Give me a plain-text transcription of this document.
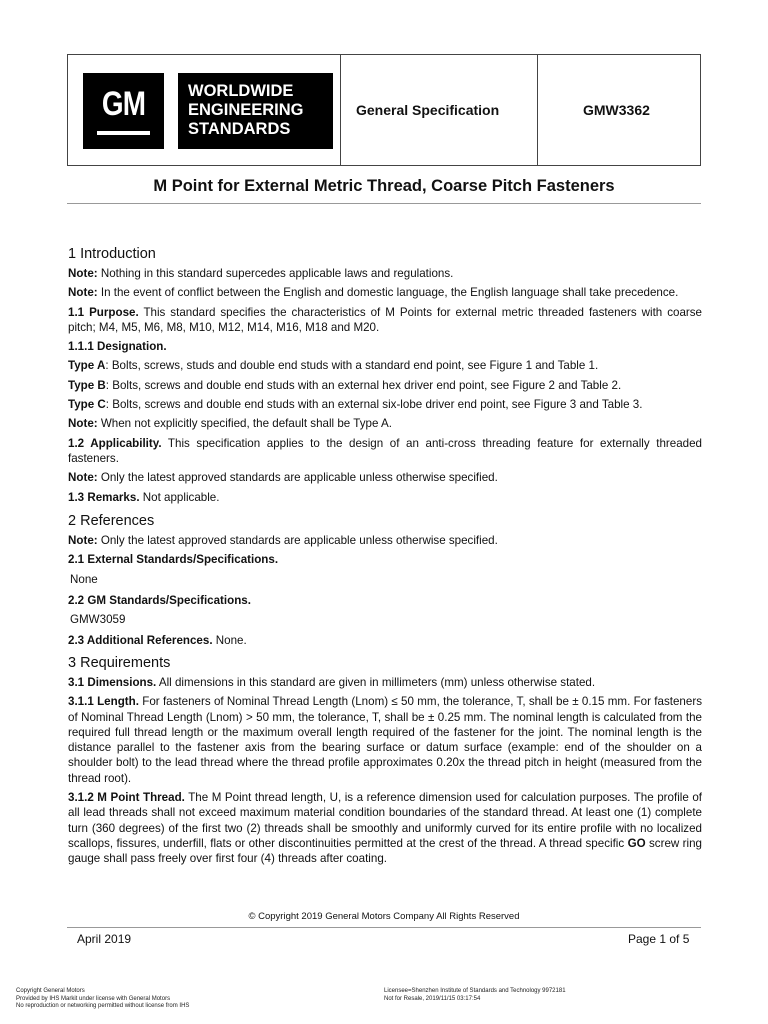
GM	WORLDWIDE
ENGINEERING
STANDARDS
General Specification	GMW3362
M Point for External Metric Thread, Coarse Pitch Fasteners
1 Introduction

Note: Nothing in this standard supercedes applicable laws and regulations.

Note: In the event of conflict between the English and domestic language, the English language shall take precedence.

1.1 Purpose. This standard specifies the characteristics of M Points for external metric threaded fasteners with coarse pitch; M4, M5, M6, M8, M10, M12, M14, M16, M18 and M20.

1.1.1 Designation.

Type A: Bolts, screws, studs and double end studs with a standard end point, see Figure 1 and Table 1.

Type B: Bolts, screws and double end studs with an external hex driver end point, see Figure 2 and Table 2.

Type C: Bolts, screws and double end studs with an external six-lobe driver end point, see Figure 3 and Table 3.

Note: When not explicitly specified, the default shall be Type A.

1.2 Applicability. This specification applies to the design of an anti-cross threading feature for externally threaded fasteners.

Note: Only the latest approved standards are applicable unless otherwise specified.

1.3 Remarks. Not applicable.

2 References

Note: Only the latest approved standards are applicable unless otherwise specified.

2.1 External Standards/Specifications.

None

2.2 GM Standards/Specifications.

GMW3059

2.3 Additional References. None.

3 Requirements

3.1 Dimensions. All dimensions in this standard are given in millimeters (mm) unless otherwise stated.

3.1.1 Length. For fasteners of Nominal Thread Length (Lnom) ≤ 50 mm, the tolerance, T, shall be ± 0.15 mm. For fasteners of Nominal Thread Length (Lnom) > 50 mm, the tolerance, T, shall be ± 0.25 mm. The nominal length is calculated from the required full thread length or the maximum overall length required of the fastener for the joint. The nominal length is the distance parallel to the fastener axis from the bearing surface or datum surface (example: end of the shoulder on a shoulder bolt) to the lead thread where the thread profile approximates 0.20x the thread pitch in height (measured from the thread root).

3.1.2 M Point Thread. The M Point thread length, U, is a reference dimension used for calculation purposes. The profile of all lead threads shall not exceed maximum material condition boundaries of the standard thread. At least one (1) complete turn (360 degrees) of the first two (2) threads shall be smoothly and uniformly curved for its entire profile with no localized scallops, fissures, underfill, flats or other discontinuities permitted at the crest of the thread. A thread specific GO screw ring gauge shall pass freely over first four (4) threads after coating.

© Copyright 2019 General Motors Company All Rights Reserved
April 2019	Page 1 of 5
Copyright General Motors
Provided by IHS Markit under license with General Motors
No reproduction or networking permitted without license from IHS
Licensee=Shenzhen Institute of Standards and Technology 9972181
Not for Resale, 2019/11/15 03:17:54
